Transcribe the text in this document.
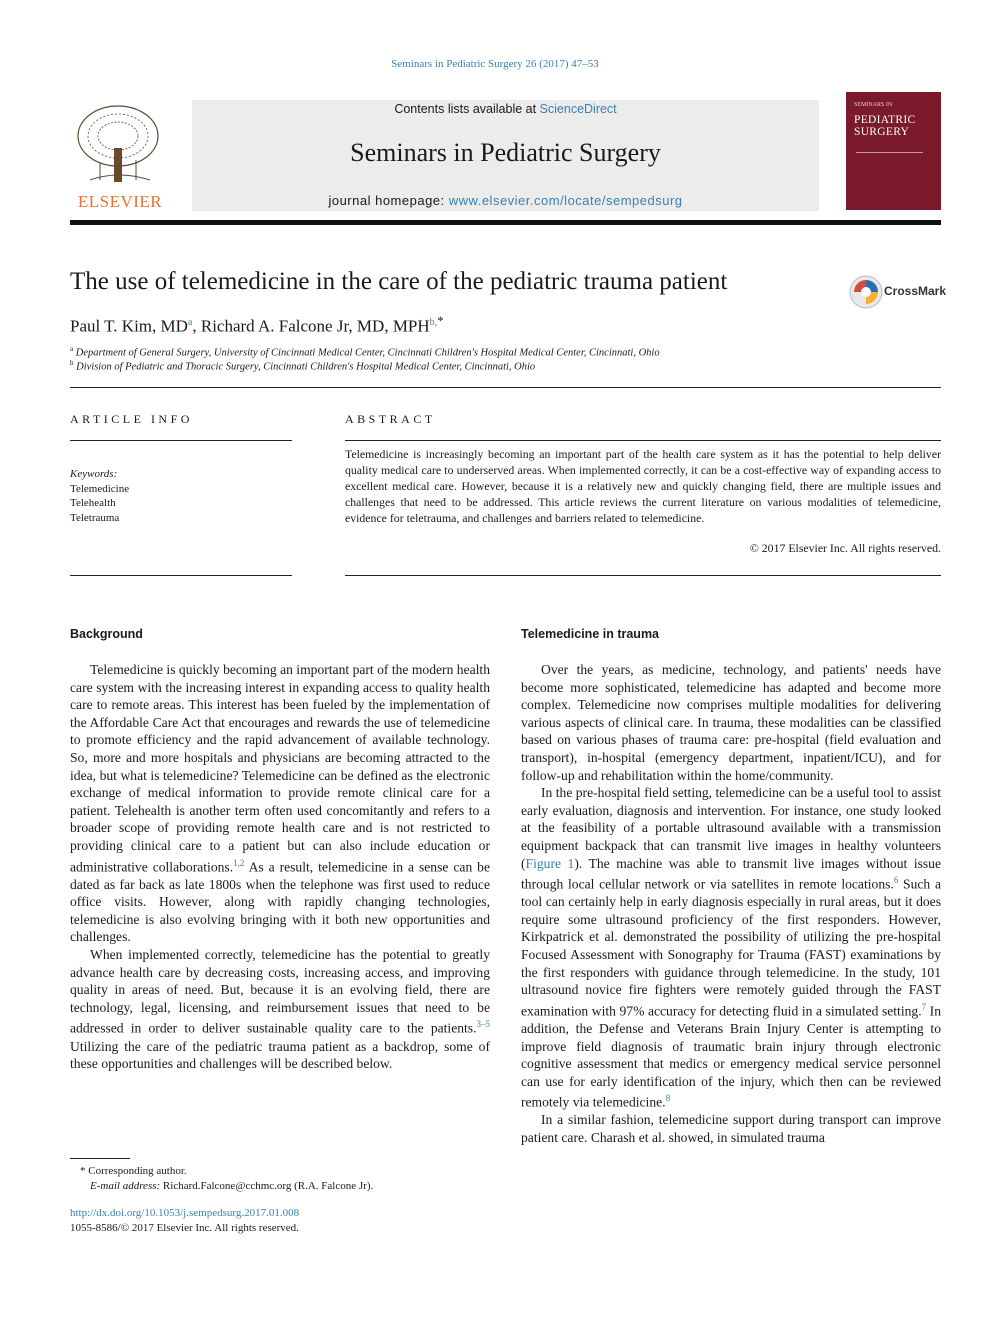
Seminars in Pediatric Surgery 26 (2017) 47–53
ELSEVIER
Contents lists available at ScienceDirect
Seminars in Pediatric Surgery
journal homepage: www.elsevier.com/locate/sempedsurg
SEMINARS IN
PEDIATRIC
SURGERY
The use of telemedicine in the care of the pediatric trauma patient	CrossMark
Paul T. Kim, $MD^a$, Richard A. Falcone Jr, MD, $MPH^{b,*}$
$^a$ Department of General Surgery, University of Cincinnati Medical Center, Cincinnati Children's Hospital Medical Center, Cincinnati, Ohio
$^b$ Division of Pediatric and Thoracic Surgery, Cincinnati Children's Hospital Medical Center, Cincinnati, Ohio
ARTICLE INFO
Keywords:
Telemedicine
Telehealth
Teletrauma
ABSTRACT
Telemedicine is increasingly becoming an important part of the health care system as it has the potential to help deliver quality medical care to underserved areas. When implemented correctly, it can be a cost-effective way of expanding access to excellent medical care. However, because it is a relatively new and quickly changing field, there are multiple issues and challenges that need to be addressed. This article reviews the current literature on various modalities of telemedicine, evidence for teletrauma, and challenges and barriers related to telemedicine.
© 2017 Elsevier Inc. All rights reserved.
Background

Telemedicine is quickly becoming an important part of the modern health care system with the increasing interest in expanding access to quality health care to remote areas. This interest has been fueled by the implementation of the Affordable Care Act that encourages and rewards the use of telemedicine to promote efficiency and the rapid advancement of available technology. So, more and more hospitals and physicians are becoming attracted to the idea, but what is telemedicine? Telemedicine can be defined as the electronic exchange of medical information to provide remote clinical care for a patient. Telehealth is another term often used concomitantly and refers to a broader scope of providing remote health care and is not restricted to providing clinical care to a patient but can also include education or administrative collaborations.$^{1,2}$ As a result, telemedicine in a sense can be dated as far back as late 1800s when the telephone was first used to reduce office visits. However, along with rapidly changing technologies, telemedicine is also evolving bringing with it both new opportunities and challenges.

When implemented correctly, telemedicine has the potential to greatly advance health care by decreasing costs, increasing access, and improving quality in areas of need. But, because it is an evolving field, there are technology, legal, licensing, and reimbursement issues that need to be addressed in order to deliver sustainable quality care to the patients.$^{3-5}$ Utilizing the care of the pediatric trauma patient as a backdrop, some of these opportunities and challenges will be described below.

Telemedicine in trauma

Over the years, as medicine, technology, and patients' needs have become more sophisticated, telemedicine has adapted and become more complex. Telemedicine now comprises multiple modalities for delivering various aspects of clinical care. In trauma, these modalities can be classified based on various phases of trauma care: pre-hospital (field evaluation and transport), in-hospital (emergency department, inpatient/ICU), and for follow-up and rehabilitation within the home/community.

In the pre-hospital field setting, telemedicine can be a useful tool to assist early evaluation, diagnosis and intervention. For instance, one study looked at the feasibility of a portable ultrasound available with a transmission equipment backpack that can transmit live images in healthy volunteers (Figure 1). The machine was able to transmit live images without issue through local cellular network or via satellites in remote locations.$^6$ Such a tool can certainly help in early diagnosis especially in rural areas, but it does require some ultrasound proficiency of the first responders. However, Kirkpatrick et al. demonstrated the possibility of utilizing the pre-hospital Focused Assessment with Sonography for Trauma (FAST) examinations by the first responders with guidance through telemedicine. In the study, 101 ultrasound novice fire fighters were remotely guided through the FAST examination with 97% accuracy for detecting fluid in a simulated setting.$^7$ In addition, the Defense and Veterans Brain Injury Center is attempting to improve field diagnosis of traumatic brain injury through electronic cognitive assessment that medics or emergency medical service personnel can use for early identification of the injury, which then can be reviewed remotely via telemedicine.$^8$

In a similar fashion, telemedicine support during transport can improve patient care. Charash et al. showed, in simulated trauma

* Corresponding author.
E-mail address: Richard.Falcone@cchmc.org (R.A. Falcone Jr).
http://dx.doi.org/10.1053/j.sempedsurg.2017.01.008
1055-8586/© 2017 Elsevier Inc. All rights reserved.
